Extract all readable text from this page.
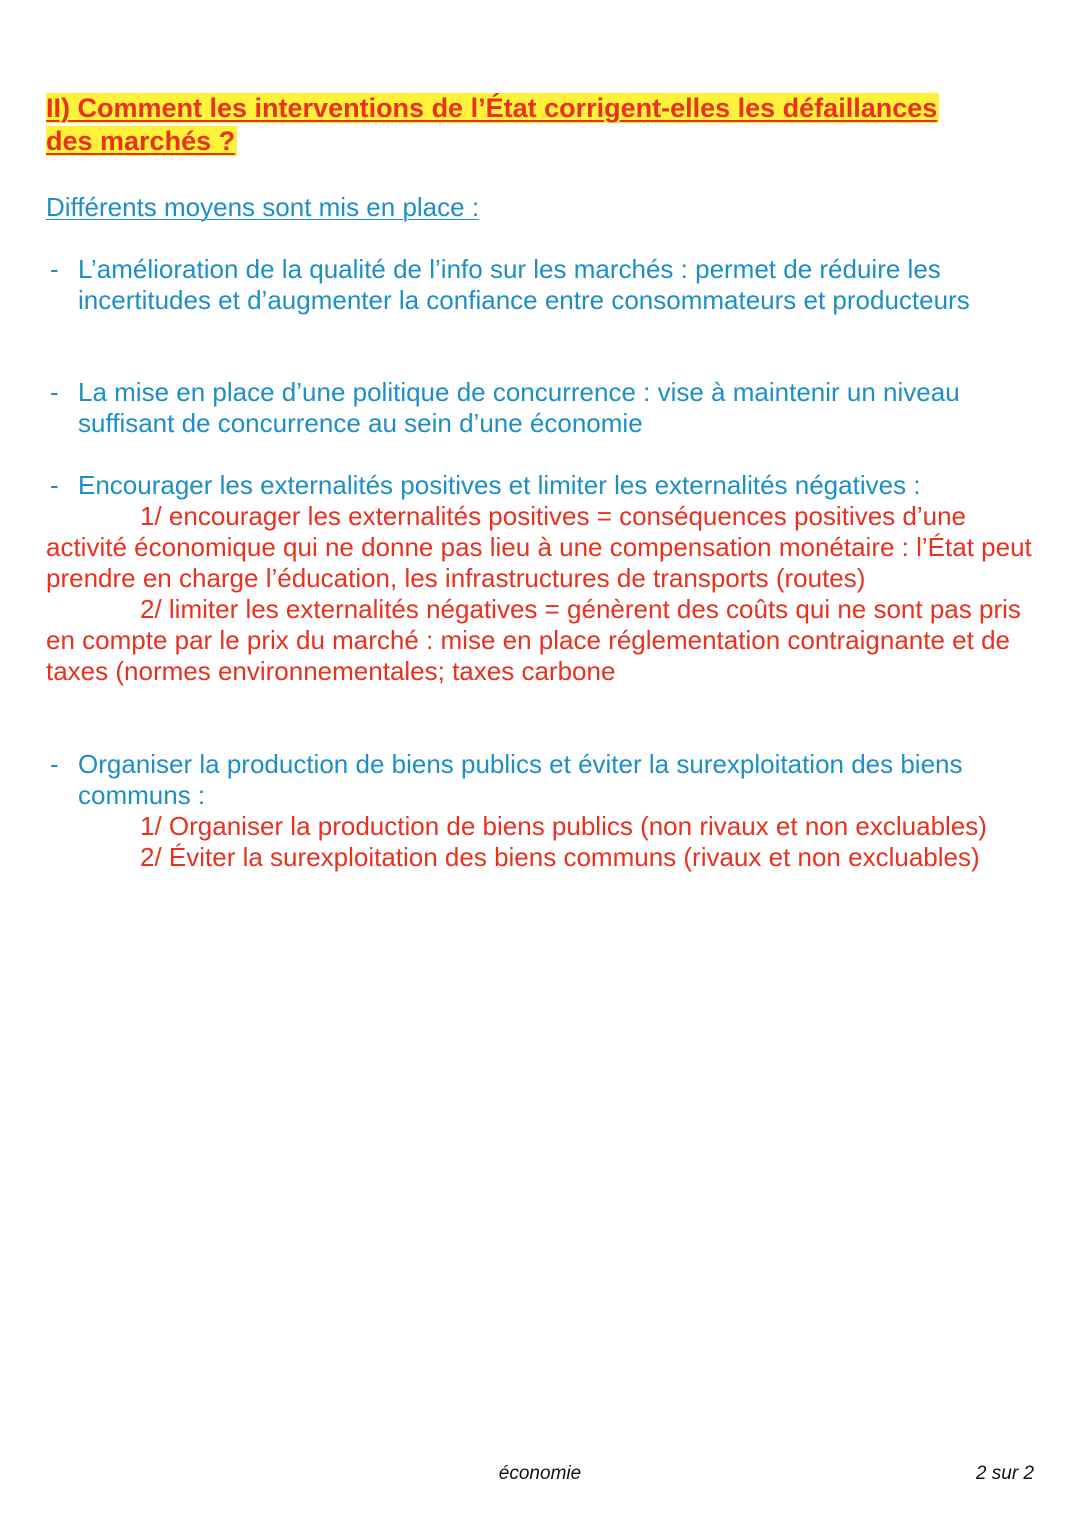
II) Comment les interventions de l’État corrigent-elles les défaillances
des marchés ?

Différents moyens sont mis en place :

- L’amélioration de la qualité de l’info sur les marchés : permet de réduire les incertitudes et d’augmenter la confiance entre consommateurs et producteurs
- La mise en place d’une politique de concurrence : vise à maintenir un niveau suffisant de concurrence au sein d’une économie
- Encourager les externalités positives et limiter les externalités négatives :
1/ encourager les externalités positives = conséquences positives d’une activité économique qui ne donne pas lieu à une compensation monétaire : l’État peut prendre en charge l’éducation, les infrastructures de transports (routes)
2/ limiter les externalités négatives = génèrent des coûts qui ne sont pas pris en compte par le prix du marché : mise en place réglementation contraignante et de taxes (normes environnementales; taxes carbone
- Organiser la production de biens publics et éviter la surexploitation des biens communs :
1/ Organiser la production de biens publics (non rivaux et non excluables)
2/ Éviter la surexploitation des biens communs (rivaux et non excluables)
économie	2 sur 2
